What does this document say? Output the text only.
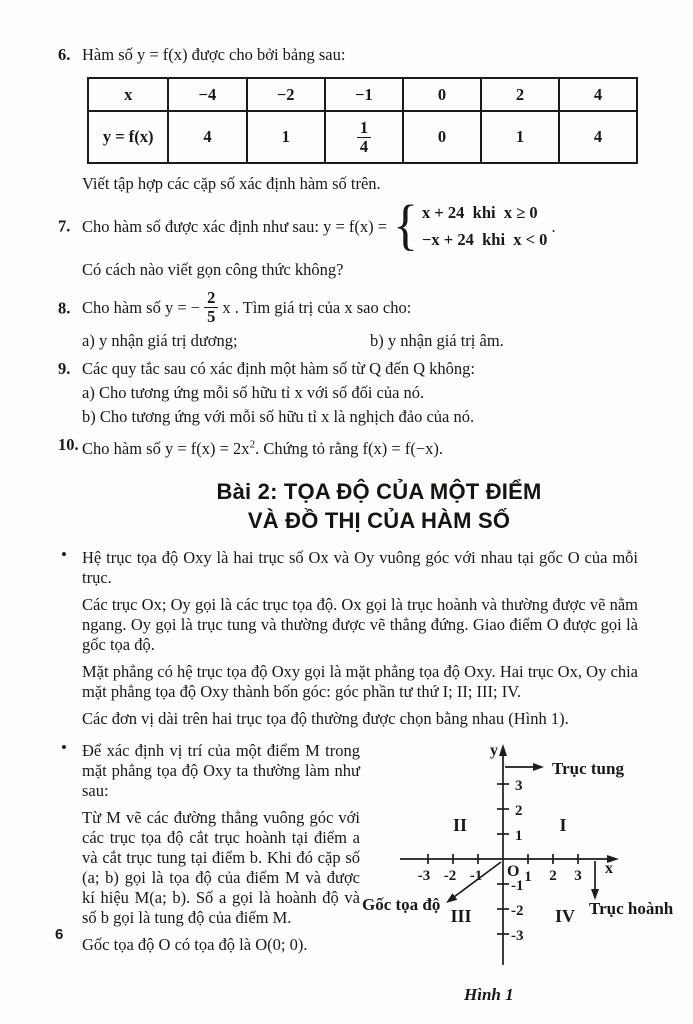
6. Hàm số y = f(x) được cho bởi bảng sau:
x	−4	−2	−1	0	2	4
y = f(x)	4	1	$\frac{1}{4}$	0	1	4
Viết tập hợp các cặp số xác định hàm số trên.
7. Cho hàm số được xác định như sau: y = f(x) = { x + 24  khi  x ≥ 0
−x + 24  khi  x < 0
.
Có cách nào viết gọn công thức không?
8. Cho hàm số y = − $\frac{2}{5}$ x . Tìm giá trị của x sao cho:
a) y nhận giá trị dương;	b) y nhận giá trị âm.
9. Các quy tắc sau có xác định một hàm số từ Q đến Q không:
a) Cho tương ứng mỗi số hữu tỉ x với số đối của nó.
b) Cho tương ứng với mỗi số hữu tỉ x là nghịch đảo của nó.
10. Cho hàm số $y = f(x) = 2x^2$. Chứng tỏ rằng f(x) = f(−x).
Bài 2: TỌA ĐỘ CỦA MỘT ĐIỂM
VÀ ĐỒ THỊ CỦA HÀM SỐ
• Hệ trục tọa độ Oxy là hai trục số Ox và Oy vuông góc với nhau tại gốc O của mỗi trục.

Các trục Ox; Oy gọi là các trục tọa độ. Ox gọi là trục hoành và thường được vẽ nằm ngang. Oy gọi là trục tung và thường được vẽ thẳng đứng. Giao điểm O được gọi là gốc tọa độ.

Mặt phẳng có hệ trục tọa độ Oxy gọi là mặt phẳng tọa độ Oxy. Hai trục Ox, Oy chia mặt phẳng tọa độ Oxy thành bốn góc: góc phần tư thứ I; II; III; IV.

Các đơn vị dài trên hai trục tọa độ thường được chọn bằng nhau (Hình 1).

• Để xác định vị trí của một điểm M trong mặt phẳng tọa độ Oxy ta thường làm như sau:

Từ M vẽ các đường thẳng vuông góc với các trục tọa độ cắt trục hoành tại điểm a và cắt trục tung tại điểm b. Khi đó cặp số (a; b) gọi là tọa độ của điểm M và được kí hiệu M(a; b). Số a gọi là hoành độ và số b gọi là tung độ của điểm M.

Gốc tọa độ O có tọa độ là O(0; 0).

3
2
1
-1
-2
-3
-3 -2 -1	1 2 3
y
x
O
I
II
III	IV
Trục tung
Trục hoành
Gốc tọa độ
Hình 1
6
